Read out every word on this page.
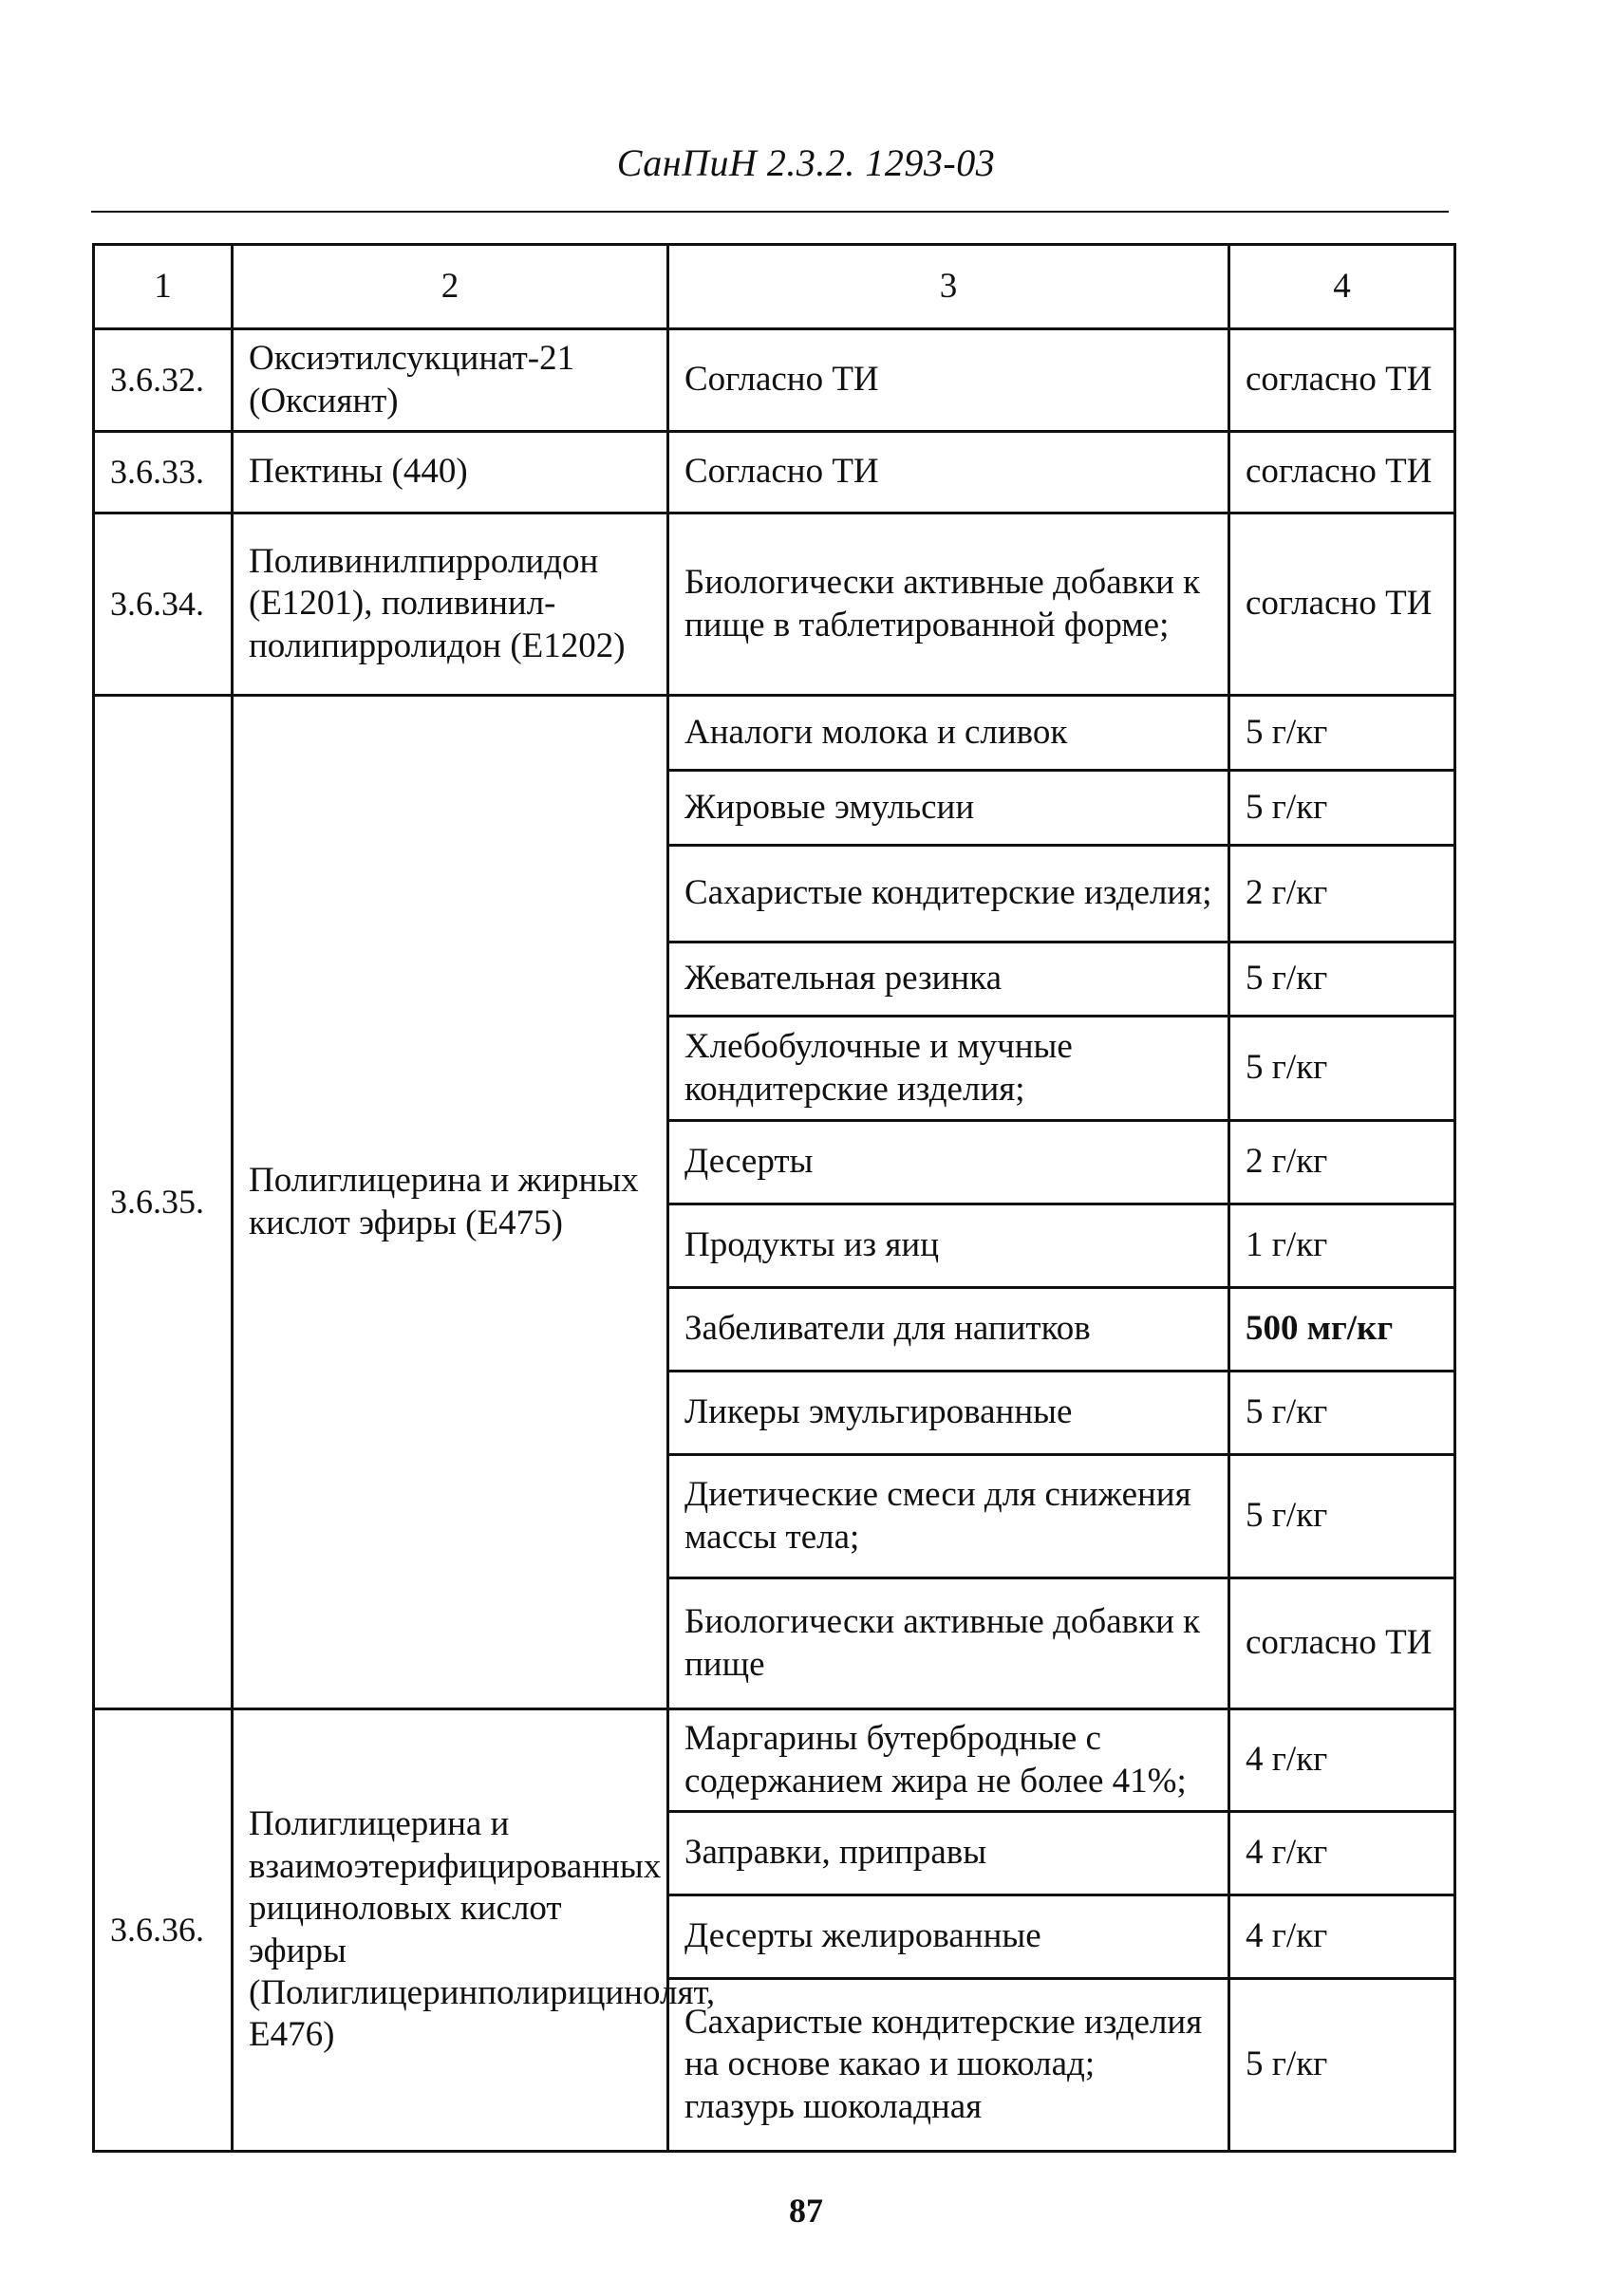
СанПиН 2.3.2. 1293-03
1	2	3	4
3.6.32.	Оксиэтилсукцинат-21 (Оксиянт)	Согласно ТИ	согласно ТИ
3.6.33.	Пектины (440)	Согласно ТИ	согласно ТИ
3.6.34.	Поливинилпирролидон (Е1201), поливинил-полипирролидон (Е1202)	Биологически активные добавки к пище в таблетированной форме;	согласно ТИ
3.6.35.	Полиглицерина и жирных кислот эфиры (Е475)	Аналоги молока и сливок	5 г/кг
		Жировые эмульсии	5 г/кг
		Сахаристые кондитерские изделия;	2 г/кг
		Жевательная резинка	5 г/кг
		Хлебобулочные и мучные кондитерские изделия;	5 г/кг
		Десерты	2 г/кг
		Продукты из яиц	1 г/кг
		Забеливатели для напитков	500 мг/кг
		Ликеры эмульгированные	5 г/кг
		Диетические смеси для снижения массы тела;	5 г/кг
		Биологически активные добавки к пище	согласно ТИ
3.6.36.	Полиглицерина и взаимоэтерифицированных рициноловых кислот эфиры (Полиглицеринполирицинолят, Е476)	Маргарины бутербродные с содержанием жира не более 41%;	4 г/кг
		Заправки, приправы	4 г/кг
		Десерты желированные	4 г/кг
		Сахаристые кондитерские изделия на основе какао и шоколад; глазурь шоколадная	5 г/кг
87
